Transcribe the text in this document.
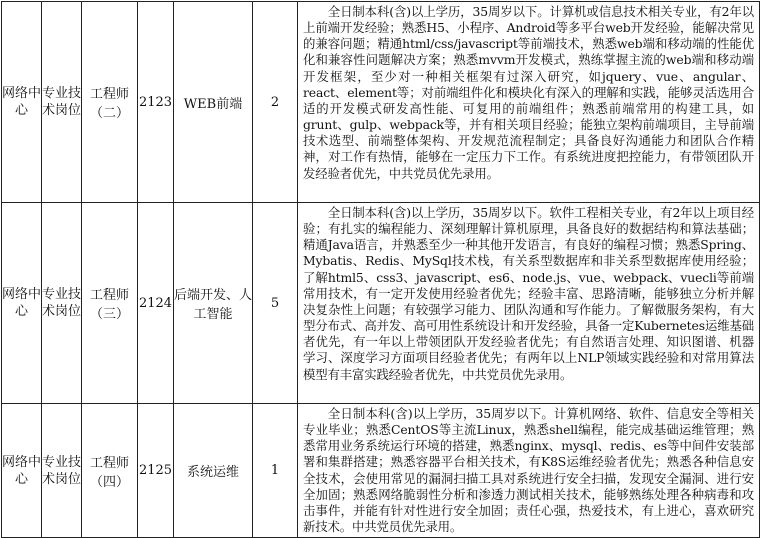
网络中心	专业技术岗位	工程师（二）	2123	WEB前端	2	全日制本科(含)以上学历，35周岁以下。计算机或信息技术相关专业，有2年以上前端开发经验；熟悉H5、小程序、Android等多平台web开发经验，能解决常见的兼容问题；精通html/css/javascript等前端技术，熟悉web端和移动端的性能优化和兼容性问题解决方案；熟悉mvvm开发模式，熟练掌握主流的web端和移动端开发框架，至少对一种相关框架有过深入研究，如jquery、vue、angular、react、element等；对前端组件化和模块化有深入的理解和实践，能够灵活选用合适的开发模式研发高性能、可复用的前端组件；熟悉前端常用的构建工具，如grunt、gulp、webpack等，并有相关项目经验；能独立架构前端项目，主导前端技术选型、前端整体架构、开发规范流程制定；具备良好沟通能力和团队合作精神，对工作有热情，能够在一定压力下工作。有系统进度把控能力，有带领团队开发经验者优先，中共党员优先录用。

网络中心	专业技术岗位	工程师（三）	2124	后端开发、人工智能	5	全日制本科(含)以上学历，35周岁以下。软件工程相关专业，有2年以上项目经验；有扎实的编程能力、深刻理解计算机原理，具备良好的数据结构和算法基础；精通Java语言，并熟悉至少一种其他开发语言，有良好的编程习惯；熟悉Spring、Mybatis、Redis、MySql技术栈，有关系型数据库和非关系型数据库使用经验；了解html5、css3、javascript、es6、node.js、vue、webpack、vuecli等前端常用技术，有一定开发使用经验者优先；经验丰富、思路清晰，能够独立分析并解决复杂性上问题；有较强学习能力、团队沟通和写作能力。了解微服务架构，有大型分布式、高并发、高可用性系统设计和开发经验，具备一定Kubernetes运维基础者优先，有一年以上带领团队开发经验者优先；有自然语言处理、知识图谱、机器学习、深度学习方面项目经验者优先；有两年以上NLP领域实践经验和对常用算法模型有丰富实践经验者优先，中共党员优先录用。

网络中心	专业技术岗位	工程师（四）	2125	系统运维	1	全日制本科(含)以上学历，35周岁以下。计算机网络、软件、信息安全等相关专业毕业；熟悉CentOS等主流Linux，熟悉shell编程，能完成基础运维管理；熟悉常用业务系统运行环境的搭建，熟悉nginx、mysql、redis、es等中间件安装部署和集群搭建；熟悉容器平台相关技术，有K8S运维经验者优先；熟悉各种信息安全技术，会使用常见的漏洞扫描工具对系统进行安全扫描，发现安全漏洞、进行安全加固；熟悉网络脆弱性分析和渗透力测试相关技术，能够熟练处理各种病毒和攻击事件，并能有针对性进行安全加固；责任心强，热爱技术，有上进心，喜欢研究新技术。中共党员优先录用。
